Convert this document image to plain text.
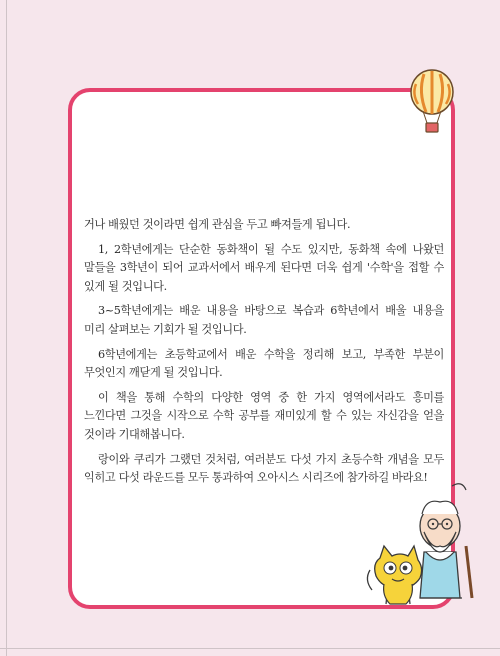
거나 배웠던 것이라면 쉽게 관심을 두고 빠져들게 됩니다.

1, 2학년에게는 단순한 동화책이 될 수도 있지만, 동화책 속에 나왔던 말들을 3학년이 되어 교과서에서 배우게 된다면 더욱 쉽게 '수학'을 접할 수 있게 될 것입니다.

3~5학년에게는 배운 내용을 바탕으로 복습과 6학년에서 배울 내용을 미리 살펴보는 기회가 될 것입니다.

6학년에게는 초등학교에서 배운 수학을 정리해 보고, 부족한 부분이 무엇인지 깨닫게 될 것입니다.

이 책을 통해 수학의 다양한 영역 중 한 가지 영역에서라도 흥미를 느낀다면 그것을 시작으로 수학 공부를 재미있게 할 수 있는 자신감을 얻을 것이라 기대해봅니다.

랑이와 쿠리가 그랬던 것처럼, 여러분도 다섯 가지 초등수학 개념을 모두 익히고 다섯 라운드를 모두 통과하여 오아시스 시리즈에 참가하길 바라요!
